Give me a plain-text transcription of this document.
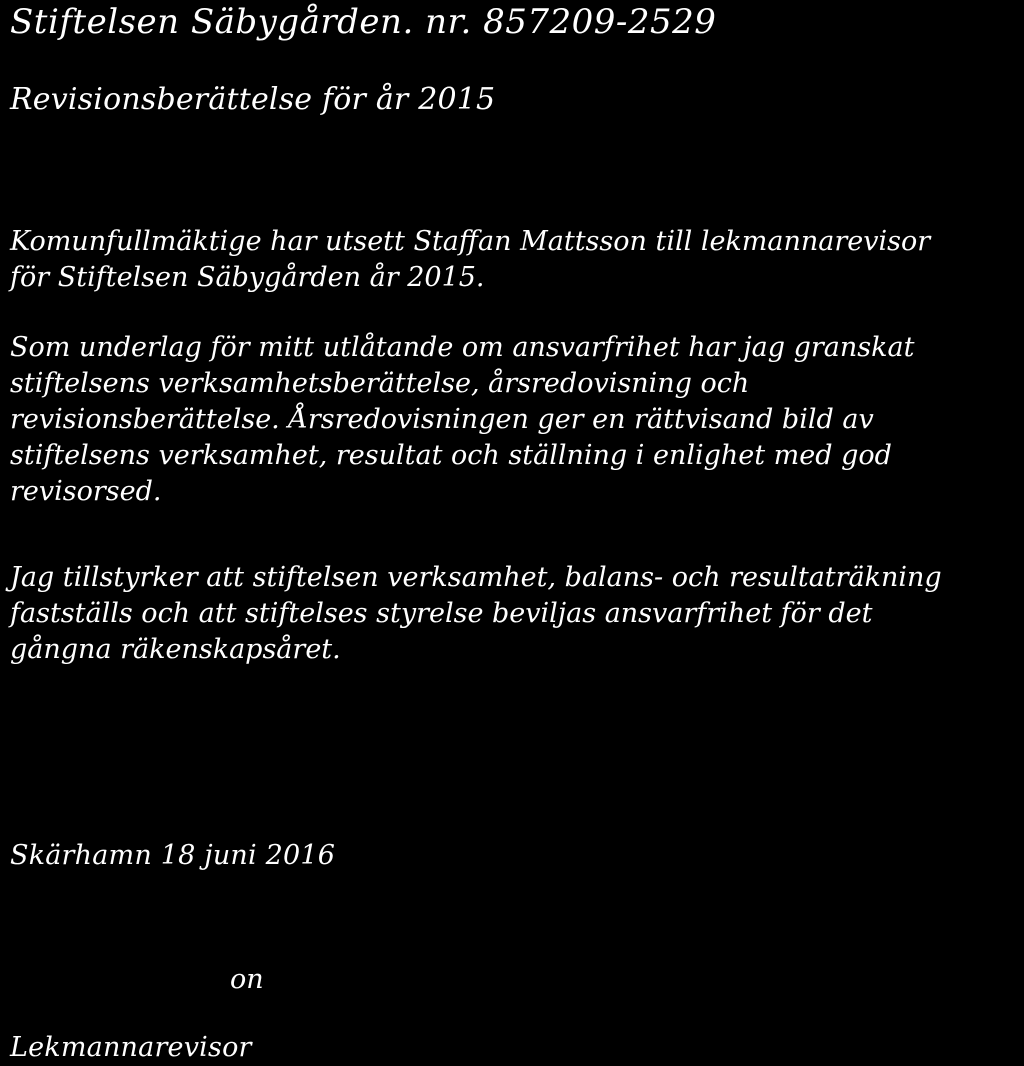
Stiftelsen Säbygården. nr. 857209-2529
Revisionsberättelse för år 2015
Komunfullmäktige har utsett Staffan Mattsson till lekmannarevisor
för Stiftelsen Säbygården år 2015.
Som underlag för mitt utlåtande om ansvarfrihet har jag granskat
stiftelsens verksamhetsberättelse, årsredovisning och
revisionsberättelse. Årsredovisningen ger en rättvisand bild av
stiftelsens verksamhet, resultat och ställning i enlighet med god
revisorsed.
Jag tillstyrker att stiftelsen verksamhet, balans- och resultaträkning
fastställs och att stiftelses styrelse beviljas ansvarfrihet för det
gångna räkenskapsåret.
Skärhamn 18 juni 2016
on
Lekmannarevisor
